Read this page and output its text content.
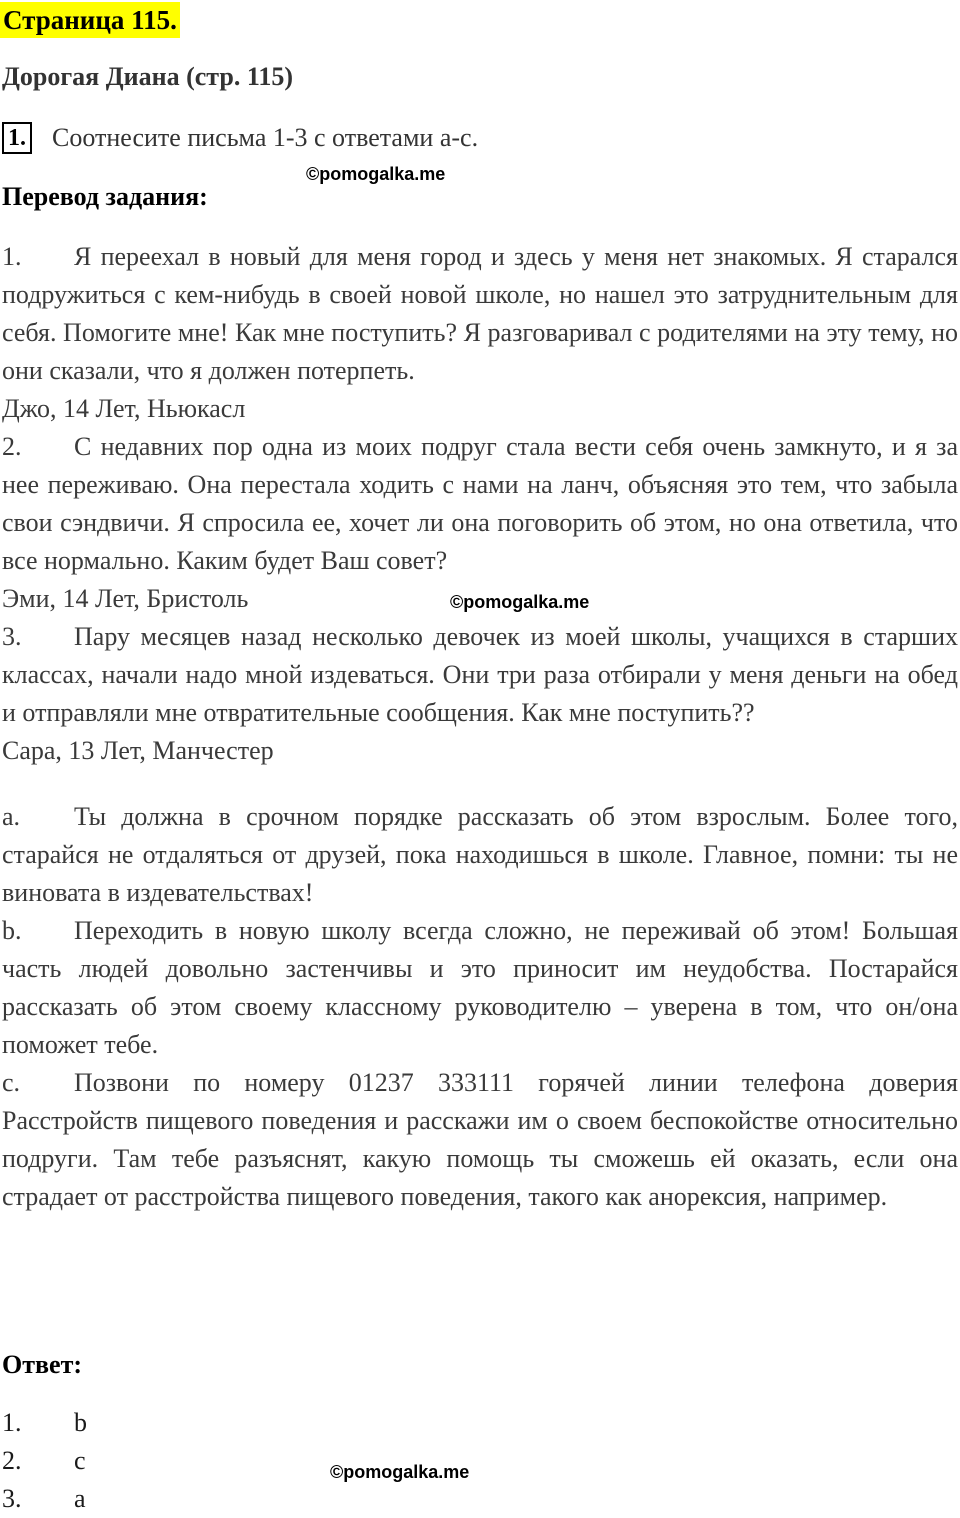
Страница 115.
Дорогая Диана (стр. 115)
1. Соотнесите письма 1-3 с ответами a-c.
©pomogalka.me
Перевод задания:

1. Я переехал в новый для меня город и здесь у меня нет знакомых. Я старался подружиться с кем-нибудь в своей новой школе, но нашел это затруднительным для себя. Помогите мне! Как мне поступить? Я разговаривал с родителями на эту тему, но они сказали, что я должен потерпеть.

Джо, 14 Лет, Ньюкасл

2. С недавних пор одна из моих подруг стала вести себя очень замкнуто, и я за нее переживаю. Она перестала ходить с нами на ланч, объясняя это тем, что забыла свои сэндвичи. Я спросила ее, хочет ли она поговорить об этом, но она ответила, что все нормально. Каким будет Ваш совет?

Эми, 14 Лет, Бристоль

3. Пару месяцев назад несколько девочек из моей школы, учащихся в старших классах, начали надо мной издеваться. Они три раза отбирали у меня деньги на обед и отправляли мне отвратительные сообщения. Как мне поступить??

Сара, 13 Лет, Манчестер

a. Ты должна в срочном порядке рассказать об этом взрослым. Более того, старайся не отдаляться от друзей, пока находишься в школе. Главное, помни: ты не виновата в издевательствах!

b. Переходить в новую школу всегда сложно, не переживай об этом! Большая часть людей довольно застенчивы и это приносит им неудобства. Постарайся рассказать об этом своему классному руководителю – уверена в том, что он/она поможет тебе.

c. Позвони по номеру 01237 333111 горячей линии телефона доверия Расстройств пищевого поведения и расскажи им о своем беспокойстве относительно подруги. Там тебе разъяснят, какую помощь ты сможешь ей оказать, если она страдает от расстройства пищевого поведения, такого как анорексия, например.

©pomogalka.me
Ответ:
1.	b
2.	c
3.	a
©pomogalka.me
